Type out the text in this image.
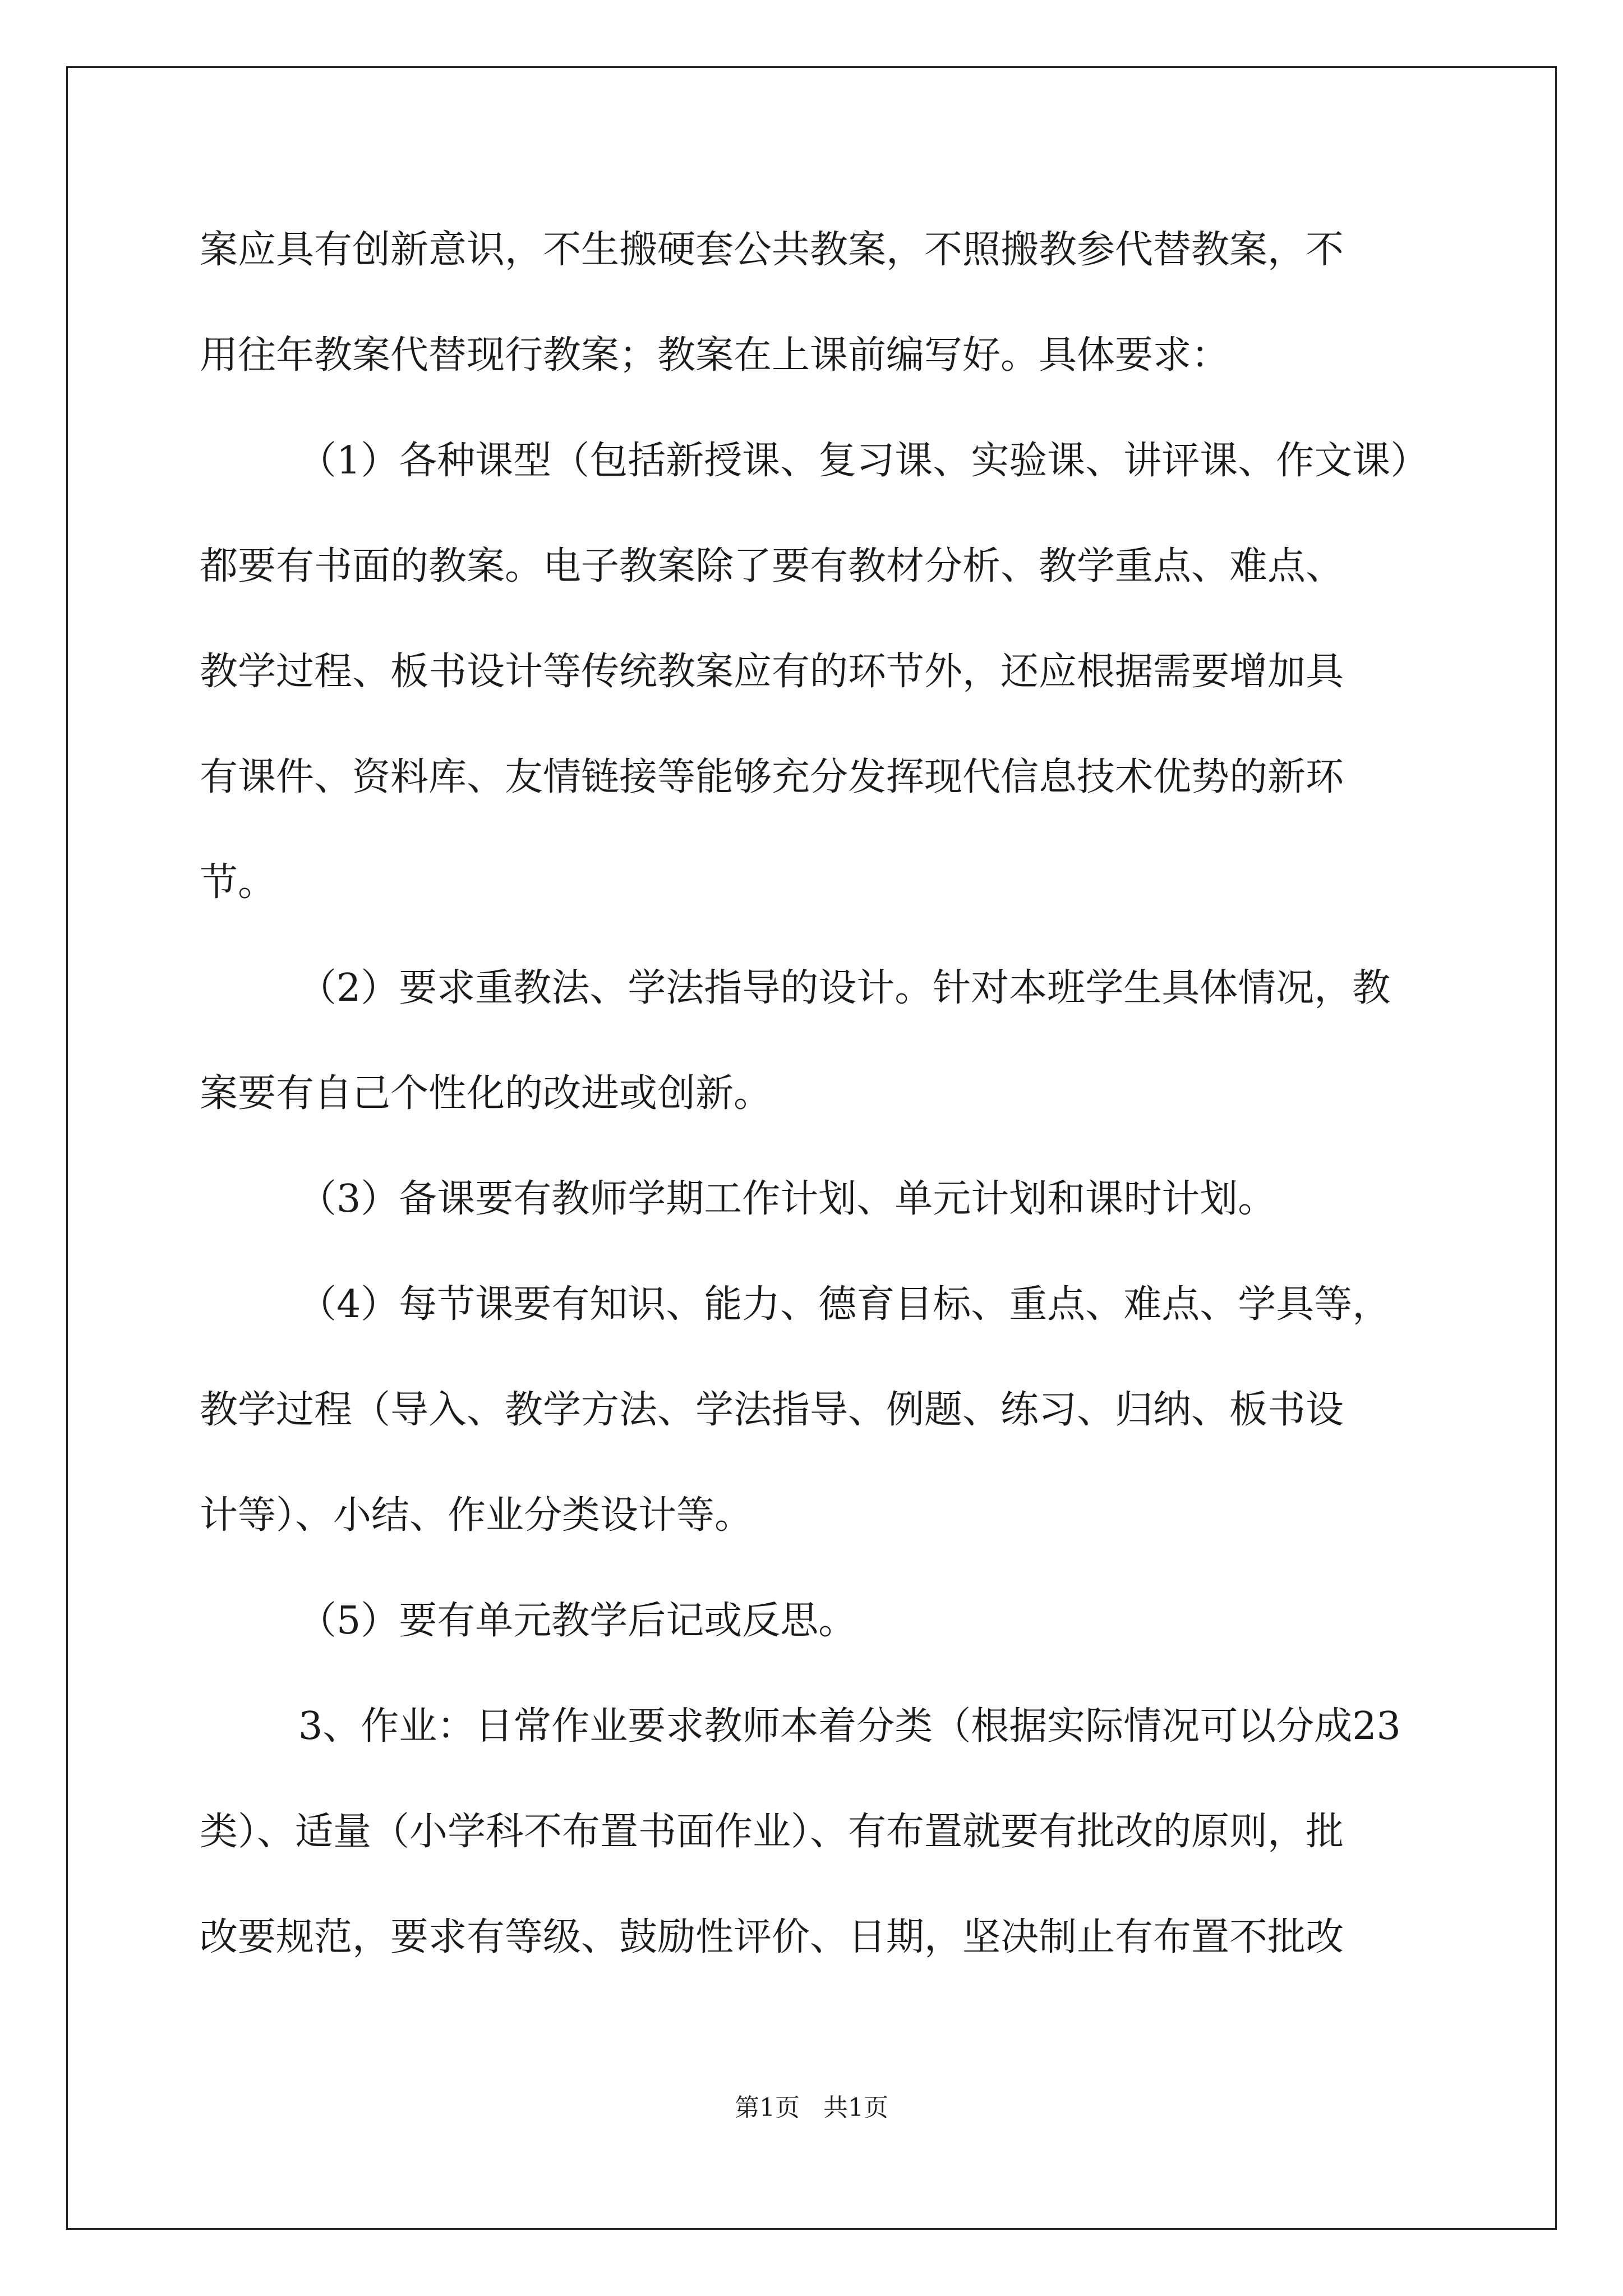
案应具有创新意识，不生搬硬套公共教案，不照搬教参代替教案，不
用往年教案代替现行教案；教案在上课前编写好。具体要求：
（1）各种课型（包括新授课、复习课、实验课、讲评课、作文课）
都要有书面的教案。电子教案除了要有教材分析、教学重点、难点、
教学过程、板书设计等传统教案应有的环节外，还应根据需要增加具
有课件、资料库、友情链接等能够充分发挥现代信息技术优势的新环
节。
（2）要求重教法、学法指导的设计。针对本班学生具体情况，教
案要有自己个性化的改进或创新。
（3）备课要有教师学期工作计划、单元计划和课时计划。
（4）每节课要有知识、能力、德育目标、重点、难点、学具等，
教学过程（导入、教学方法、学法指导、例题、练习、归纳、板书设
计等）、小结、作业分类设计等。
（5）要有单元教学后记或反思。
3、作业：日常作业要求教师本着分类（根据实际情况可以分成23
类）、适量（小学科不布置书面作业）、有布置就要有批改的原则，批
改要规范，要求有等级、鼓励性评价、日期，坚决制止有布置不批改
第1页   共1页
